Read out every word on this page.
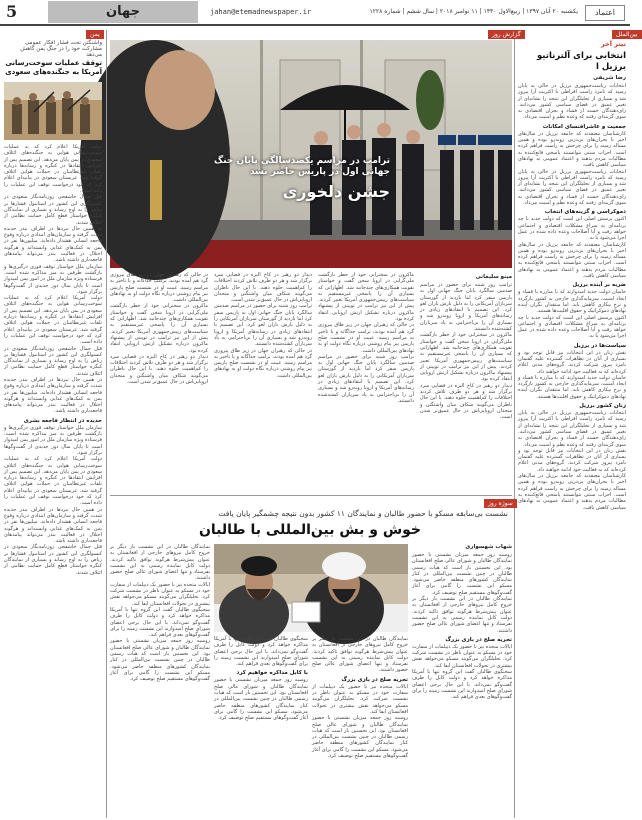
5	جهان	jahan@etemadnewspaper.ir	یکشنبه ۲۰ آبان ۱۳۹۷ | ربیع‌الاول ۱۴۴۰ | ۱۱ نوامبر ۲۰۱۸ | سال ششم | شماره ۱۲۲۸	اعتماد
بین‌الملل
تیتر آخر
انتخابی برای آلترناتیو برزیل ا
رضا شریفی
انتخابات ریاست‌جمهوری برزیل در حالی به پایان رسید که نامزد راست افراطی با اکثریت آرا پیروز شد و بسیاری از تحلیلگران این نتیجه را نشانه‌ای از تغییر عمیق در فضای سیاسی کشور می‌دانند. رای‌دهندگان خسته از فساد و بحران اقتصادی به سوی گزینه‌ای رفتند که وعده نظم و امنیت می‌داد.
جمعیت و عاشرافنسای امکانات
کارشناسان معتقدند که جامعه برزیل در سال‌های اخیر با بحران‌های پی‌درپی روبه‌رو بوده و همین مساله زمینه را برای چرخش به راست فراهم کرده است. احزاب سنتی نتوانستند پاسخی قانع‌کننده به مطالبات مردم بدهند و اعتماد عمومی به نهادهای سیاسی کاهش یافت.
انتخابات ریاست‌جمهوری برزیل در حالی به پایان رسید که نامزد راست افراطی با اکثریت آرا پیروز شد و بسیاری از تحلیلگران این نتیجه را نشانه‌ای از تغییر عمیق در فضای سیاسی کشور می‌دانند. رای‌دهندگان خسته از فساد و بحران اقتصادی به سوی گزینه‌ای رفتند که وعده نظم و امنیت می‌داد.
دموکراسی و گزینه‌های انتخاب
اکنون پرسش اصلی این است که دولت جدید با چه برنامه‌ای به سراغ مشکلات اقتصادی و اجتماعی خواهد رفت و آیا اصلاحات وعده داده شده در عمل اجرا می‌شود یا نه.
کارشناسان معتقدند که جامعه برزیل در سال‌های اخیر با بحران‌های پی‌درپی روبه‌رو بوده و همین مساله زمینه را برای چرخش به راست فراهم کرده است. احزاب سنتی نتوانستند پاسخی قانع‌کننده به مطالبات مردم بدهند و اعتماد عمومی به نهادهای سیاسی کاهش یافت.
ضربه بر آینده برزیل
حامیان دولت جدید امیدوارند که با مبارزه با فساد و ایجاد امنیت، سرمایه‌گذاری خارجی به کشور بازگردد و نرخ بیکاری کاهش یابد. اما منتقدان نگران آینده نهادهای دموکراتیک و حقوق اقلیت‌ها هستند.
اکنون پرسش اصلی این است که دولت جدید با چه برنامه‌ای به سراغ مشکلات اقتصادی و اجتماعی خواهد رفت و آیا اصلاحات وعده داده شده در عمل اجرا می‌شود یا نه.
سیاست‌ها در برزیل
نقش زنان در این انتخابات نیز قابل توجه بود و بسیاری از آنان در تظاهرات گسترده علیه گفتمان نامزد پیروز شرکت کردند. گروه‌های مدنی اعلام کرده‌اند که به فعالیت خود ادامه خواهند داد.
حامیان دولت جدید امیدوارند که با مبارزه با فساد و ایجاد امنیت، سرمایه‌گذاری خارجی به کشور بازگردد و نرخ بیکاری کاهش یابد. اما منتقدان نگران آینده نهادهای دموکراتیک و حقوق اقلیت‌ها هستند.
زنان کشور برزیل
انتخابات ریاست‌جمهوری برزیل در حالی به پایان رسید که نامزد راست افراطی با اکثریت آرا پیروز شد و بسیاری از تحلیلگران این نتیجه را نشانه‌ای از تغییر عمیق در فضای سیاسی کشور می‌دانند. رای‌دهندگان خسته از فساد و بحران اقتصادی به سوی گزینه‌ای رفتند که وعده نظم و امنیت می‌داد.
نقش زنان در این انتخابات نیز قابل توجه بود و بسیاری از آنان در تظاهرات گسترده علیه گفتمان نامزد پیروز شرکت کردند. گروه‌های مدنی اعلام کرده‌اند که به فعالیت خود ادامه خواهند داد.
کارشناسان معتقدند که جامعه برزیل در سال‌های اخیر با بحران‌های پی‌درپی روبه‌رو بوده و همین مساله زمینه را برای چرخش به راست فراهم کرده است. احزاب سنتی نتوانستند پاسخی قانع‌کننده به مطالبات مردم بدهند و اعتماد عمومی به نهادهای سیاسی کاهش یافت.
گزارش روز
ترامپ در مراسم یکصدسالگی پایان جنگ جهانی اول در پاریس حاضر نشد
جشن دلخوری
مینو سلیمانی
ترامپ روز شنبه برای حضور در مراسم صدمین سالگرد پایان جنگ جهانی اول به پاریس سفر کرد اما بازدید از گورستان سربازان آمریکایی را به دلیل بارش باران لغو کرد. این تصمیم با انتقادهای زیادی در رسانه‌های آمریکا و اروپا روبه‌رو شد و بسیاری آن را بی‌احترامی به یاد سربازان کشته‌شده دانستند.
ماکرون در سخنرانی خود از خطر بازگشت ملی‌گرایی در اروپا سخن گفت و خواستار تقویت همکاری‌های چندجانبه شد. اظهاراتی که بسیاری آن را پاسخی غیرمستقیم به سیاست‌های رییس‌جمهوری آمریکا تعبیر کردند. پیش از این نیز ترامپ در توییتی از پیشنهاد ماکرون درباره تشکیل ارتش اروپایی انتقاد کرده بود.
دیدار دو رهبر در کاخ الیزه در فضایی سرد برگزار شد و هر دو طرف تلاش کردند اختلافات را کم‌اهمیت جلوه دهند. با این حال ناظران می‌گویند شکاف میان واشنگتن و متحدان اروپایی‌اش در حال عمیق‌تر شدن است.
ماکرون در سخنرانی خود از خطر بازگشت ملی‌گرایی در اروپا سخن گفت و خواستار تقویت همکاری‌های چندجانبه شد. اظهاراتی که بسیاری آن را پاسخی غیرمستقیم به سیاست‌های رییس‌جمهوری آمریکا تعبیر کردند. پیش از این نیز ترامپ در توییتی از پیشنهاد ماکرون درباره تشکیل ارتش اروپایی انتقاد کرده بود.
در حالی که رهبران جهان در زیر طاق پیروزی گرد هم آمده بودند، ترامپ جداگانه و با تاخیر به مراسم رسید. غیبت او در نشست صلح پاریس نیز پیام روشنی درباره نگاه دولت او به نهادهای بین‌المللی داشت.
ترامپ روز شنبه برای حضور در مراسم صدمین سالگرد پایان جنگ جهانی اول به پاریس سفر کرد اما بازدید از گورستان سربازان آمریکایی را به دلیل بارش باران لغو کرد. این تصمیم با انتقادهای زیادی در رسانه‌های آمریکا و اروپا روبه‌رو شد و بسیاری آن را بی‌احترامی به یاد سربازان کشته‌شده دانستند.
دیدار دو رهبر در کاخ الیزه در فضایی سرد برگزار شد و هر دو طرف تلاش کردند اختلافات را کم‌اهمیت جلوه دهند. با این حال ناظران می‌گویند شکاف میان واشنگتن و متحدان اروپایی‌اش در حال عمیق‌تر شدن است.
ترامپ روز شنبه برای حضور در مراسم صدمین سالگرد پایان جنگ جهانی اول به پاریس سفر کرد اما بازدید از گورستان سربازان آمریکایی را به دلیل بارش باران لغو کرد. این تصمیم با انتقادهای زیادی در رسانه‌های آمریکا و اروپا روبه‌رو شد و بسیاری آن را بی‌احترامی به یاد سربازان کشته‌شده دانستند.
در حالی که رهبران جهان در زیر طاق پیروزی گرد هم آمده بودند، ترامپ جداگانه و با تاخیر به مراسم رسید. غیبت او در نشست صلح پاریس نیز پیام روشنی درباره نگاه دولت او به نهادهای بین‌المللی داشت.
در حالی که رهبران جهان در زیر طاق پیروزی گرد هم آمده بودند، ترامپ جداگانه و با تاخیر به مراسم رسید. غیبت او در نشست صلح پاریس نیز پیام روشنی درباره نگاه دولت او به نهادهای بین‌المللی داشت.
ماکرون در سخنرانی خود از خطر بازگشت ملی‌گرایی در اروپا سخن گفت و خواستار تقویت همکاری‌های چندجانبه شد. اظهاراتی که بسیاری آن را پاسخی غیرمستقیم به سیاست‌های رییس‌جمهوری آمریکا تعبیر کردند. پیش از این نیز ترامپ در توییتی از پیشنهاد ماکرون درباره تشکیل ارتش اروپایی انتقاد کرده بود.
دیدار دو رهبر در کاخ الیزه در فضایی سرد برگزار شد و هر دو طرف تلاش کردند اختلافات را کم‌اهمیت جلوه دهند. با این حال ناظران می‌گویند شکاف میان واشنگتن و متحدان اروپایی‌اش در حال عمیق‌تر شدن است.
سوژه روز
نشست بی‌سابقه مسکو با حضور طالبان و نمایندگان ۱۱ کشور بدون نتیجه چشمگیر پایان یافت
خوش و بش بین‌المللی با طالبان
شهاب شهسواری
روسیه روز جمعه میزبان نشستی با حضور نمایندگان طالبان و شورای عالی صلح افغانستان بود. این نخستین بار است که هیات رسمی طالبان در چنین نشست بین‌المللی در کنار نمایندگان کشورهای منطقه حاضر می‌شود. مسکو این نشست را گامی برای آغاز گفت‌وگوهای مستقیم صلح توصیف کرد.
نمایندگان طالبان در این نشست بار دیگر بر خروج کامل نیروهای خارجی از افغانستان به عنوان پیش‌شرط هرگونه توافق تاکید کردند. دولت کابل نماینده رسمی به این نشست نفرستاد و تنها اعضای شورای عالی صلح حضور داشتند.
تجربه صلح در بازی بزرگ
ایالات متحده نیز با حضور یک دیپلمات از سفارت خود در مسکو به عنوان ناظر در نشست شرکت کرد. تحلیلگران می‌گویند مسکو می‌خواهد نقش بیشتری در تحولات افغانستان ایفا کند.
سخنگوی طالبان گفت این گروه تنها با آمریکا مذاکره خواهد کرد و دولت کابل را طرف گفت‌وگو نمی‌داند. با این حال برخی اعضای شورای صلح امیدوارند این نشست زمینه را برای گفت‌وگوهای بعدی فراهم کند.
نمایندگان طالبان در این نشست بار دیگر بر خروج کامل نیروهای خارجی از افغانستان به عنوان پیش‌شرط هرگونه توافق تاکید کردند. دولت کابل نماینده رسمی به این نشست نفرستاد و تنها اعضای شورای عالی صلح حضور داشتند.
تجربه صلح در بازی بزرگ
ایالات متحده نیز با حضور یک دیپلمات از سفارت خود در مسکو به عنوان ناظر در نشست شرکت کرد. تحلیلگران می‌گویند مسکو می‌خواهد نقش بیشتری در تحولات افغانستان ایفا کند.
روسیه روز جمعه میزبان نشستی با حضور نمایندگان طالبان و شورای عالی صلح افغانستان بود. این نخستین بار است که هیات رسمی طالبان در چنین نشست بین‌المللی در کنار نمایندگان کشورهای منطقه حاضر می‌شود. مسکو این نشست را گامی برای آغاز گفت‌وگوهای مستقیم صلح توصیف کرد.
سخنگوی طالبان گفت این گروه تنها با آمریکا مذاکره خواهد کرد و دولت کابل را طرف گفت‌وگو نمی‌داند. با این حال برخی اعضای شورای صلح امیدوارند این نشست زمینه را برای گفت‌وگوهای بعدی فراهم کند.
با کابل مذاکره خواهیم کرد
روسیه روز جمعه میزبان نشستی با حضور نمایندگان طالبان و شورای عالی صلح افغانستان بود. این نخستین بار است که هیات رسمی طالبان در چنین نشست بین‌المللی در کنار نمایندگان کشورهای منطقه حاضر می‌شود. مسکو این نشست را گامی برای آغاز گفت‌وگوهای مستقیم صلح توصیف کرد.
نمایندگان طالبان در این نشست بار دیگر بر خروج کامل نیروهای خارجی از افغانستان به عنوان پیش‌شرط هرگونه توافق تاکید کردند. دولت کابل نماینده رسمی به این نشست نفرستاد و تنها اعضای شورای عالی صلح حضور داشتند.
ایالات متحده نیز با حضور یک دیپلمات از سفارت خود در مسکو به عنوان ناظر در نشست شرکت کرد. تحلیلگران می‌گویند مسکو می‌خواهد نقش بیشتری در تحولات افغانستان ایفا کند.
سخنگوی طالبان گفت این گروه تنها با آمریکا مذاکره خواهد کرد و دولت کابل را طرف گفت‌وگو نمی‌داند. با این حال برخی اعضای شورای صلح امیدوارند این نشست زمینه را برای گفت‌وگوهای بعدی فراهم کند.
روسیه روز جمعه میزبان نشستی با حضور نمایندگان طالبان و شورای عالی صلح افغانستان بود. این نخستین بار است که هیات رسمی طالبان در چنین نشست بین‌المللی در کنار نمایندگان کشورهای منطقه حاضر می‌شود. مسکو این نشست را گامی برای آغاز گفت‌وگوهای مستقیم صلح توصیف کرد.
یمن
واشنگتن تحت فشار افکار عمومی مشارکت خود را در جنگ یمن کاهش می‌دهد
توقف عملیات سوخت‌رسانی آمریکا به جنگنده‌های سعودی
دولت آمریکا اعلام کرد که به عملیات سوخت‌رسانی هوایی به جنگنده‌های ائتلاف سعودی در یمن پایان می‌دهد. این تصمیم پس از افزایش انتقادها در کنگره و رسانه‌ها درباره تلفات غیرنظامیان در حملات هوایی ائتلاف گرفته شد. عربستان سعودی در بیانیه‌ای اعلام کرد که خود درخواست توقف این عملیات را داده است.
قتل جمال خاشقجی روزنامه‌نگار سعودی در کنسولگری این کشور در استانبول فشارها بر ریاض را به اوج رساند و بسیاری از نمایندگان کنگره خواستار قطع کامل حمایت نظامی از ائتلاف شدند.
در همین حال نبردها در اطراف بندر حدیده شدت گرفته و سازمان‌های امدادی درباره وقوع فاجعه انسانی هشدار داده‌اند. میلیون‌ها نفر در یمن به کمک‌های غذایی وابسته‌اند و هرگونه اختلال در فعالیت بندر می‌تواند پیامدهای فاجعه‌باری داشته باشد.
سازمان ملل خواستار توقف فوری درگیری‌ها و بازگشت طرفین به میز مذاکره شده است. فرستاده ویژه سازمان ملل در امور یمن امیدوار است تا پایان سال دور جدیدی از گفت‌وگوها برگزار شود.
دولت آمریکا اعلام کرد که به عملیات سوخت‌رسانی هوایی به جنگنده‌های ائتلاف سعودی در یمن پایان می‌دهد. این تصمیم پس از افزایش انتقادها در کنگره و رسانه‌ها درباره تلفات غیرنظامیان در حملات هوایی ائتلاف گرفته شد. عربستان سعودی در بیانیه‌ای اعلام کرد که خود درخواست توقف این عملیات را داده است.
قتل جمال خاشقجی روزنامه‌نگار سعودی در کنسولگری این کشور در استانبول فشارها بر ریاض را به اوج رساند و بسیاری از نمایندگان کنگره خواستار قطع کامل حمایت نظامی از ائتلاف شدند.
در همین حال نبردها در اطراف بندر حدیده شدت گرفته و سازمان‌های امدادی درباره وقوع فاجعه انسانی هشدار داده‌اند. میلیون‌ها نفر در یمن به کمک‌های غذایی وابسته‌اند و هرگونه اختلال در فعالیت بندر می‌تواند پیامدهای فاجعه‌باری داشته باشد.
حدیده در انتظار فاجعه بشری
سازمان ملل خواستار توقف فوری درگیری‌ها و بازگشت طرفین به میز مذاکره شده است. فرستاده ویژه سازمان ملل در امور یمن امیدوار است تا پایان سال دور جدیدی از گفت‌وگوها برگزار شود.
دولت آمریکا اعلام کرد که به عملیات سوخت‌رسانی هوایی به جنگنده‌های ائتلاف سعودی در یمن پایان می‌دهد. این تصمیم پس از افزایش انتقادها در کنگره و رسانه‌ها درباره تلفات غیرنظامیان در حملات هوایی ائتلاف گرفته شد. عربستان سعودی در بیانیه‌ای اعلام کرد که خود درخواست توقف این عملیات را داده است.
در همین حال نبردها در اطراف بندر حدیده شدت گرفته و سازمان‌های امدادی درباره وقوع فاجعه انسانی هشدار داده‌اند. میلیون‌ها نفر در یمن به کمک‌های غذایی وابسته‌اند و هرگونه اختلال در فعالیت بندر می‌تواند پیامدهای فاجعه‌باری داشته باشد.
قتل جمال خاشقجی روزنامه‌نگار سعودی در کنسولگری این کشور در استانبول فشارها بر ریاض را به اوج رساند و بسیاری از نمایندگان کنگره خواستار قطع کامل حمایت نظامی از ائتلاف شدند.
